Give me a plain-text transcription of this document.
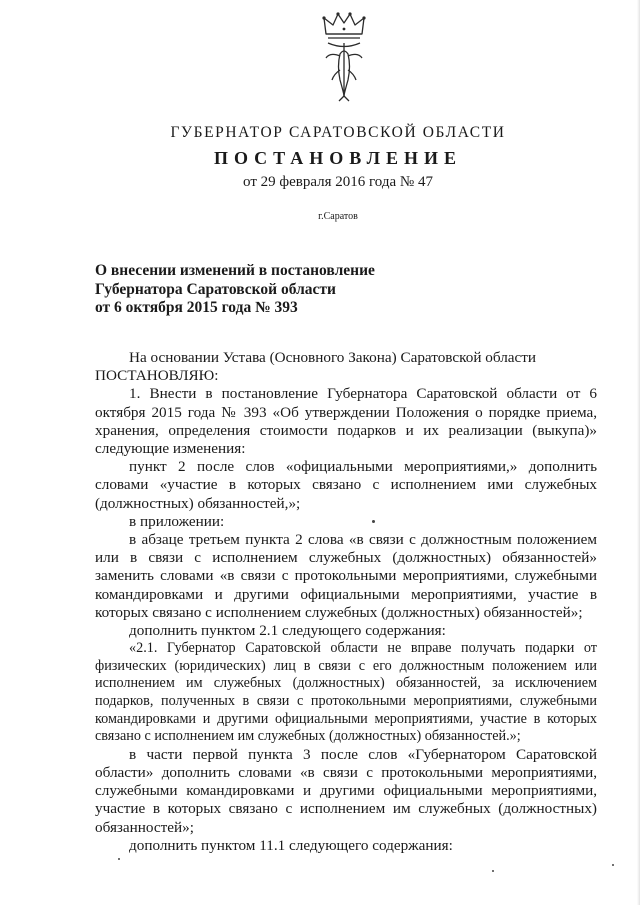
ГУБЕРНАТОР САРАТОВСКОЙ ОБЛАСТИ
ПОСТАНОВЛЕНИЕ
от 29 февраля 2016 года № 47
г.Саратов
О внесении изменений в постановление
Губернатора Саратовской области
от 6 октября 2015 года № 393

На основании Устава (Основного Закона) Саратовской области

ПОСТАНОВЛЯЮ:

1. Внести в постановление Губернатора Саратовской области от 6 октября 2015 года № 393 «Об утверждении Положения о порядке приема, хранения, определения стоимости подарков и их реализации (выкупа)» следующие изменения:

пункт 2 после слов «официальными мероприятиями,» дополнить словами «участие в которых связано с исполнением ими служебных (должностных) обязанностей,»;

в приложении:

в абзаце третьем пункта 2 слова «в связи с должностным положением или в связи с исполнением служебных (должностных) обязанностей» заменить словами «в связи с протокольными мероприятиями, служебными командировками и другими официальными мероприятиями, участие в которых связано с исполнением служебных (должностных) обязанностей»;

дополнить пунктом 2.1 следующего содержания:

«2.1. Губернатор Саратовской области не вправе получать подарки от физических (юридических) лиц в связи с его должностным положением или исполнением им служебных (должностных) обязанностей, за исключением подарков, полученных в связи с протокольными мероприятиями, служебными командировками и другими официальными мероприятиями, участие в которых связано с исполнением им служебных (должностных) обязанностей.»;

в части первой пункта 3 после слов «Губернатором Саратовской области» дополнить словами «в связи с протокольными мероприятиями, служебными командировками и другими официальными мероприятиями, участие в которых связано с исполнением им служебных (должностных) обязанностей»;

дополнить пунктом 11.1 следующего содержания:
